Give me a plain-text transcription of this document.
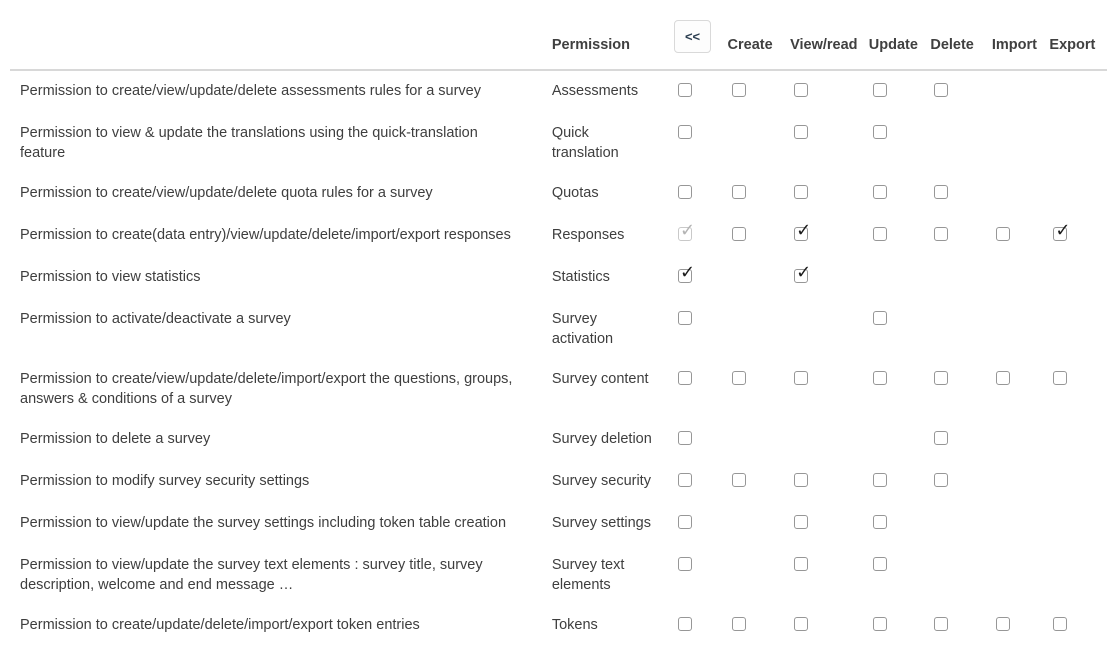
	Permission	<<	Create	View/read	Update	Delete	Import	Export
Permission to create/view/update/delete assessments rules for a survey	Assessments							
Permission to view & update the translations using the quick-translation feature	Quick translation							
Permission to create/view/update/delete quota rules for a survey	Quotas							
Permission to create(data entry)/view/update/delete/import/export responses	Responses	✓		✓				✓

Permission to view statistics	Statistics	✓		✓				

Permission to activate/deactivate a survey	Survey activation							
Permission to create/view/update/delete/import/export the questions, groups, answers & conditions of a survey	Survey content							
Permission to delete a survey	Survey deletion							
Permission to modify survey security settings	Survey security							
Permission to view/update the survey settings including token table creation	Survey settings							
Permission to view/update the survey text elements : survey title, survey description, welcome and end message …	Survey text elements							
Permission to create/update/delete/import/export token entries	Tokens							
